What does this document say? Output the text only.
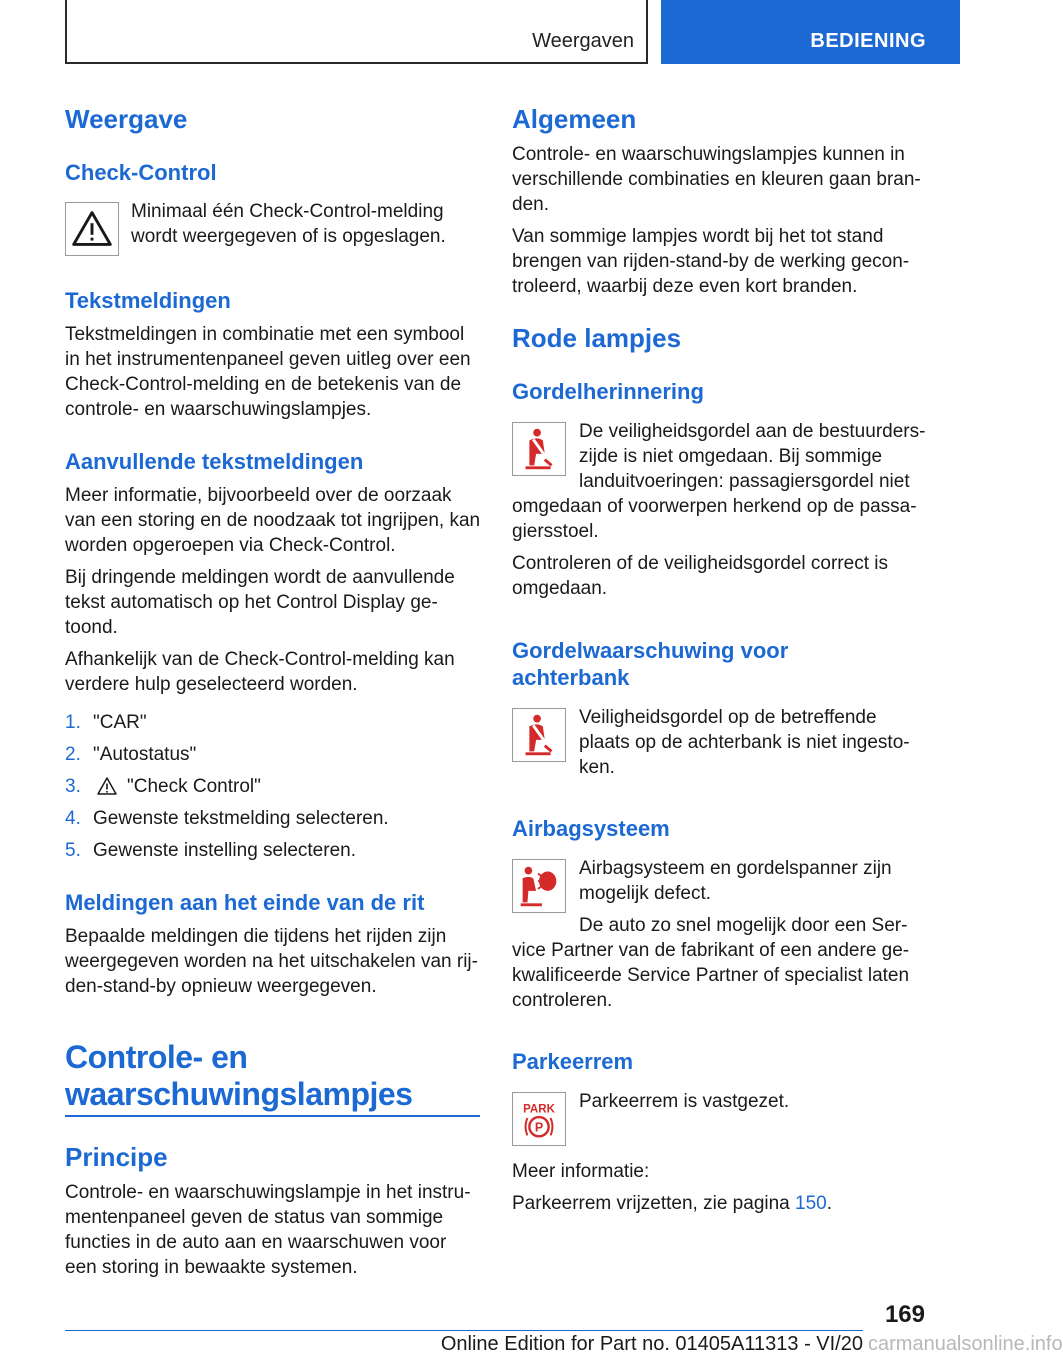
Weergaven	BEDIENING
Weergave
Check-Control
Minimaal één Check-Control-melding
wordt weergegeven of is opgeslagen.
Tekstmeldingen
Tekstmeldingen in combinatie met een symbool
in het instrumentenpaneel geven uitleg over een
Check-Control-melding en de betekenis van de
controle- en waarschuwingslampjes.
Aanvullende tekstmeldingen
Meer informatie, bijvoorbeeld over de oorzaak
van een storing en de noodzaak tot ingrijpen, kan
worden opgeroepen via Check-Control.
Bij dringende meldingen wordt de aanvullende
tekst automatisch op het Control Display ge-
toond.
Afhankelijk van de Check-Control-melding kan
verdere hulp geselecteerd worden.
1. "CAR"
2. "Autostatus"
3. "Check Control"
4. Gewenste tekstmelding selecteren.
5. Gewenste instelling selecteren.
Meldingen aan het einde van de rit
Bepaalde meldingen die tijdens het rijden zijn
weergegeven worden na het uitschakelen van rij-
den-stand-by opnieuw weergegeven.
Controle- en
waarschuwingslampjes
Principe
Controle- en waarschuwingslampje in het instru-
mentenpaneel geven de status van sommige
functies in de auto aan en waarschuwen voor
een storing in bewaakte systemen.
Algemeen
Controle- en waarschuwingslampjes kunnen in
verschillende combinaties en kleuren gaan bran-
den.
Van sommige lampjes wordt bij het tot stand
brengen van rijden-stand-by de werking gecon-
troleerd, waarbij deze even kort branden.
Rode lampjes
Gordelherinnering
De veiligheidsgordel aan de bestuurders-
zijde is niet omgedaan. Bij sommige
landuitvoeringen: passagiersgordel niet
omgedaan of voorwerpen herkend op de passa-
giersstoel.
Controleren of de veiligheidsgordel correct is
omgedaan.
Gordelwaarschuwing voor
achterbank
Veiligheidsgordel op de betreffende
plaats op de achterbank is niet ingesto-
ken.
Airbagsysteem
Airbagsysteem en gordelspanner zijn
mogelijk defect.
De auto zo snel mogelijk door een Ser-
vice Partner van de fabrikant of een andere ge-
kwalificeerde Service Partner of specialist laten
controleren.
Parkeerrem
PARK
P
Parkeerrem is vastgezet.
Meer informatie:
Parkeerrem vrijzetten, zie pagina 150.
169
Online Edition for Part no. 01405A11313 - VI/20 carmanualsonline.info
